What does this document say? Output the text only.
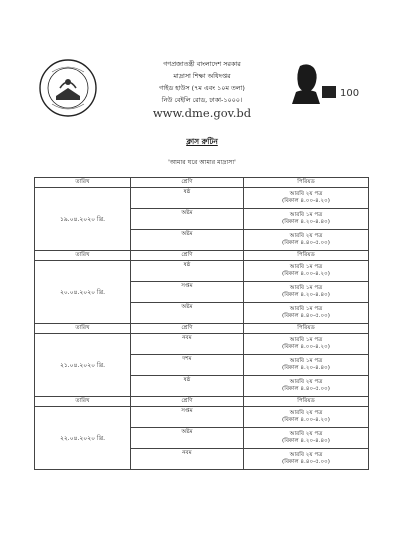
100
গণপ্রজাতন্ত্রী বাংলাদেশ সরকার
মাদ্রাসা শিক্ষা অধিদপ্তর
গাইড হাউস (৭ম এবং ১০ম তলা)
নিউ বেইলি রোড, ঢাকা-১০০০।
www.dme.gov.bd
ক্লাস রুটিন
'আমার ঘরে আমার মাদ্রাসা'
তারিখ	শ্রেণি	পিরিয়ড
১৯.০৪.২০২০ খ্রি.	ষষ্ঠ	আরবি ২য় পত্র
(বিকাল ৪.০০-৪.২০)

	অষ্টম	আরবি ১ম পত্র
(বিকাল ৪.২০-৪.৪০)

	অষ্টম	আরবি ২য় পত্র
(বিকাল ৪.৪০-৫.০০)

তারিখ	শ্রেণি	পিরিয়ড
২০.০৪.২০২০ খ্রি.	ষষ্ঠ	আরবি ১ম পত্র
(বিকাল ৪.০০-৪.২০)

	সপ্তম	আরবি ১ম পত্র
(বিকাল ৪.২০-৪.৪০)

	অষ্টম	আরবি ১ম পত্র
(বিকাল ৪.৪০-৫.০০)

তারিখ	শ্রেণি	পিরিয়ড
২১.০৪.২০২০ খ্রি.	নবম	আরবি ১ম পত্র
(বিকাল ৪.০০-৪.২০)

	দশম	আরবি ১ম পত্র
(বিকাল ৪.২০-৪.৪০)

	ষষ্ঠ	আরবি ২য় পত্র
(বিকাল ৪.৪০-৫.০০)

তারিখ	শ্রেণি	পিরিয়ড
২২.০৪.২০২০ খ্রি.	সপ্তম	আরবি ২য় পত্র
(বিকাল ৪.০০-৪.২০)

	অষ্টম	আরবি ২য় পত্র
(বিকাল ৪.২০-৪.৪০)

	নবম	আরবি ২য় পত্র
(বিকাল ৪.৪০-৫.০০)
